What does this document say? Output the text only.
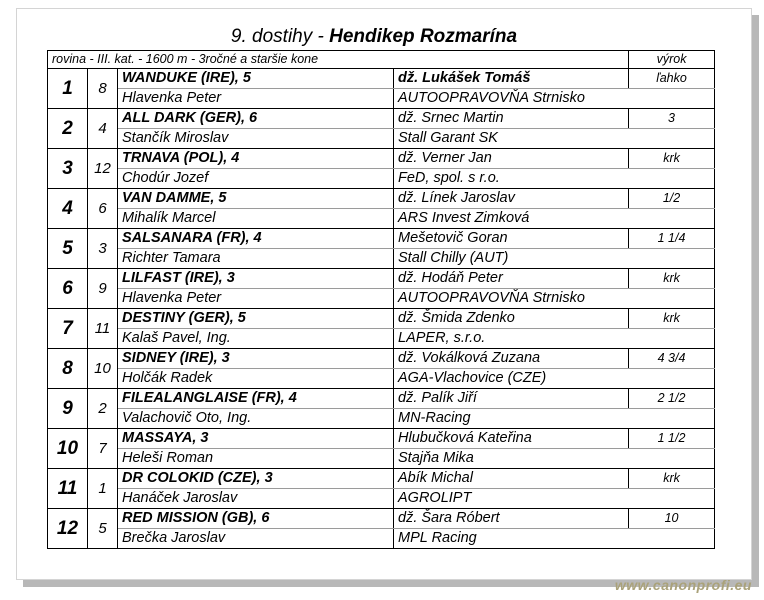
9. dostihy - Hendikep Rozmarína
rovina - III. kat. - 1600 m - 3ročné a staršie kone				výrok
1	8	WANDUKE (IRE), 5	dž. Lukášek Tomáš	ľahko
		Hlavenka Peter	AUTOOPRAVOVŇA Strnisko	
2	4	ALL DARK (GER), 6	dž. Srnec Martin	3
		Stančík Miroslav	Stall Garant SK	
3	12	TRNAVA (POL), 4	dž. Verner Jan	krk
		Chodúr Jozef	FeD, spol. s r.o.	
4	6	VAN DAMME, 5	dž. Línek Jaroslav	1/2
		Mihalík Marcel	ARS Invest Zimková	
5	3	SALSANARA (FR), 4	Mešetovič Goran	1 1/4
		Richter Tamara	Stall Chilly (AUT)	
6	9	LILFAST (IRE), 3	dž. Hodáň Peter	krk
		Hlavenka Peter	AUTOOPRAVOVŇA Strnisko	
7	11	DESTINY (GER), 5	dž. Šmida Zdenko	krk
		Kalaš Pavel, Ing.	LAPER, s.r.o.	
8	10	SIDNEY (IRE), 3	dž. Vokálková Zuzana	4 3/4
		Holčák Radek	AGA-Vlachovice (CZE)	
9	2	FILEALANGLAISE (FR), 4	dž. Palík Jiří	2 1/2
		Valachovič Oto, Ing.	MN-Racing	
10	7	MASSAYA, 3	Hlubučková Kateřina	1 1/2
		Heleši Roman	Stajňa Mika	
11	1	DR COLOKID (CZE), 3	Abík Michal	krk
		Hanáček Jaroslav	AGROLIPT	
12	5	RED MISSION (GB), 6	dž. Šara Róbert	10
		Brečka Jaroslav	MPL Racing	
www.canonprofi.eu
